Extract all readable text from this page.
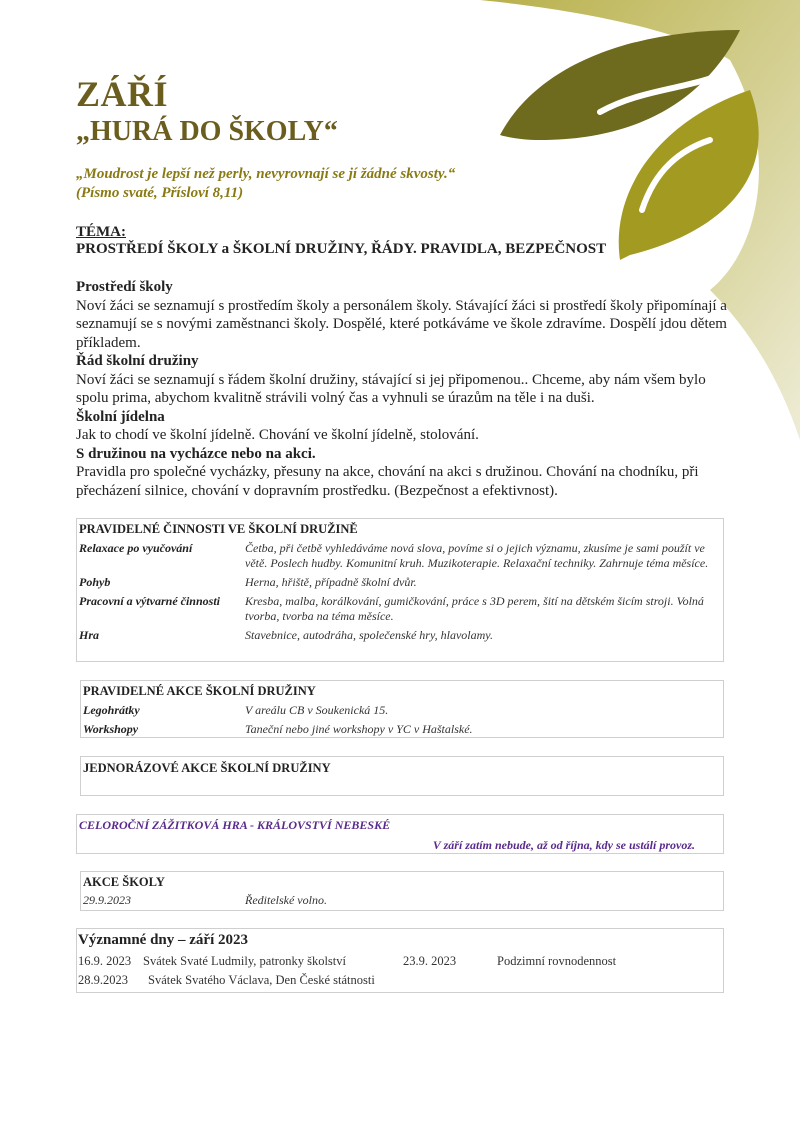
ZÁŘÍ
„HURÁ DO ŠKOLY“
„Moudrost je lepší než perly, nevyrovnají se jí žádné skvosty.“
(Písmo svaté, Přísloví 8,11)
TÉMA:
PROSTŘEDÍ ŠKOLY a ŠKOLNÍ DRUŽINY, ŘÁDY. PRAVIDLA, BEZPEČNOST
Prostředí školy

Noví žáci se seznamují s prostředím školy a personálem školy. Stávající žáci si prostředí školy připomínají a seznamují se s novými zaměstnanci školy. Dospělé, které potkáváme ve škole zdravíme. Dospělí jdou dětem příkladem.

Řád školní družiny

Noví žáci se seznamují s řádem školní družiny, stávající si jej připomenou.. Chceme, aby nám všem bylo spolu prima, abychom kvalitně strávili volný čas a vyhnuli se úrazům na těle i na duši.

Školní jídelna

Jak to chodí ve školní jídelně. Chování ve školní jídelně, stolování.

S družinou na vycházce nebo na akci.

Pravidla pro společné vycházky, přesuny na akce, chování na akci s družinou. Chování na chodníku, při přecházení silnice, chování v dopravním prostředku. (Bezpečnost a efektivnost).

PRAVIDELNÉ ČINNOSTI VE ŠKOLNÍ DRUŽINĚ
Relaxace po vyučování	Četba, při četbě vyhledáváme nová slova, povíme si o jejich významu, zkusíme je sami použít ve větě. Poslech hudby. Komunitní kruh. Muzikoterapie. Relaxační techniky. Zahrnuje téma měsíce.
Pohyb	Herna, hřiště, případně školní dvůr.
Pracovní a výtvarné činnosti	Kresba, malba, korálkování, gumičkování, práce s 3D perem, šití na dětském šicím stroji. Volná tvorba, tvorba na téma měsíce.
Hra	Stavebnice, autodráha, společenské hry, hlavolamy.
PRAVIDELNÉ AKCE ŠKOLNÍ DRUŽINY
Legohrátky	V areálu CB v Soukenická 15.
Workshopy	Taneční nebo jiné workshopy v YC v Haštalské.
JEDNORÁZOVÉ AKCE ŠKOLNÍ DRUŽINY
CELOROČNÍ ZÁŽITKOVÁ HRA - KRÁLOVSTVÍ NEBESKÉ
V září zatím nebude, až od října, kdy se ustálí provoz.
AKCE ŠKOLY
29.9.2023	Ředitelské volno.
Významné dny – září 2023
16.9. 2023 Svátek Svaté Ludmily, patronky školství	23.9. 2023	Podzimní rovnodennost
28.9.2023 Svátek Svatého Václava, Den České státnosti
